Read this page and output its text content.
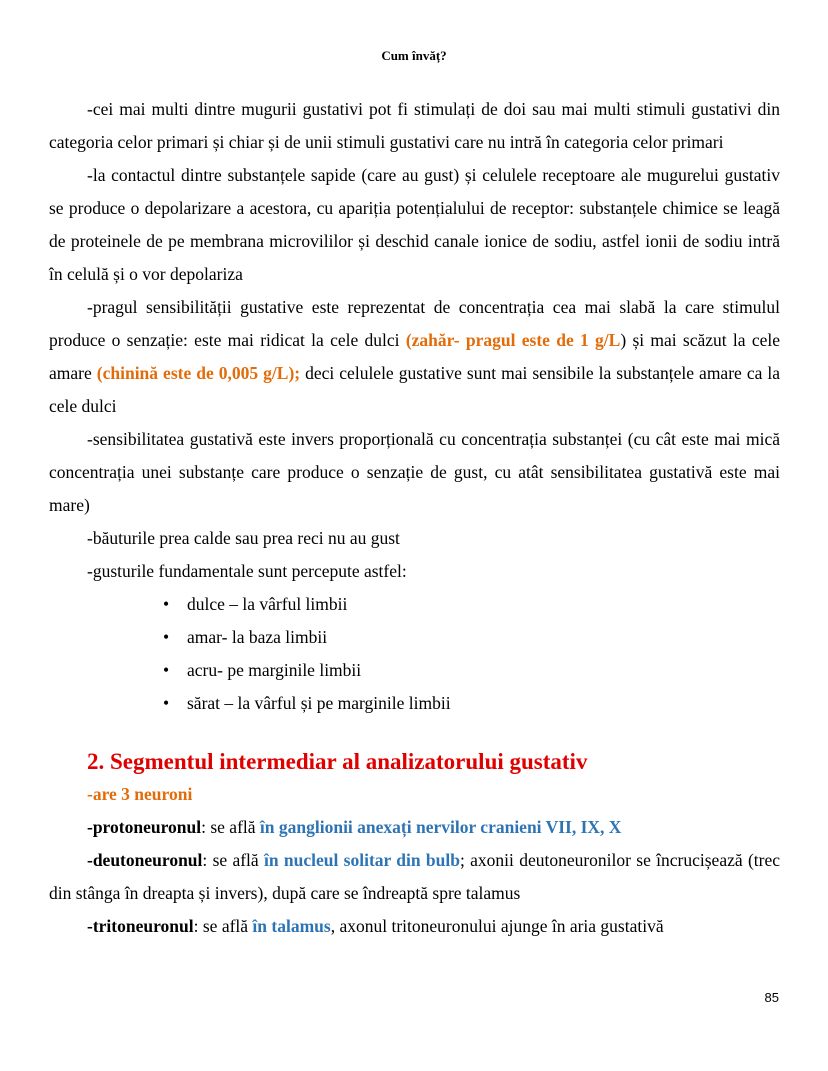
Cum învăț?

-cei mai multi dintre mugurii gustativi pot fi stimulați de doi sau mai multi stimuli gustativi din categoria celor primari și chiar și de unii stimuli gustativi care nu intră în categoria celor primari

-la contactul dintre substanțele sapide (care au gust) și celulele receptoare ale mugurelui gustativ se produce o depolarizare a acestora, cu apariția potențialului de receptor: substanțele chimice se leagă de proteinele de pe membrana microvililor și deschid canale ionice de sodiu, astfel ionii de sodiu intră în celulă și o vor depolariza

-pragul sensibilității gustative este reprezentat de concentrația cea mai slabă la care stimulul produce o senzație: este mai ridicat la cele dulci (zahăr- pragul este de 1 g/L) și mai scăzut la cele amare (chinină este de 0,005 g/L); deci celulele gustative sunt mai sensibile la substanțele amare ca la cele dulci

-sensibilitatea gustativă este invers proporțională cu concentrația substanței (cu cât este mai mică concentrația unei substanțe care produce o senzație de gust, cu atât sensibilitatea gustativă este mai mare)

-băuturile prea calde sau prea reci nu au gust

-gusturile fundamentale sunt percepute astfel:

• dulce – la vârful limbii
• amar- la baza limbii
• acru- pe marginile limbii
• sărat – la vârful și pe marginile limbii
2. Segmentul intermediar al analizatorului gustativ

-are 3 neuroni

-protoneuronul: se află în ganglionii anexați nervilor cranieni VII, IX, X

-deutoneuronul: se află în nucleul solitar din bulb; axonii deutoneuronilor se încrucișează (trec din stânga în dreapta și invers), după care se îndreaptă spre talamus

-tritoneuronul: se află în talamus, axonul tritoneuronului ajunge în aria gustativă

85
